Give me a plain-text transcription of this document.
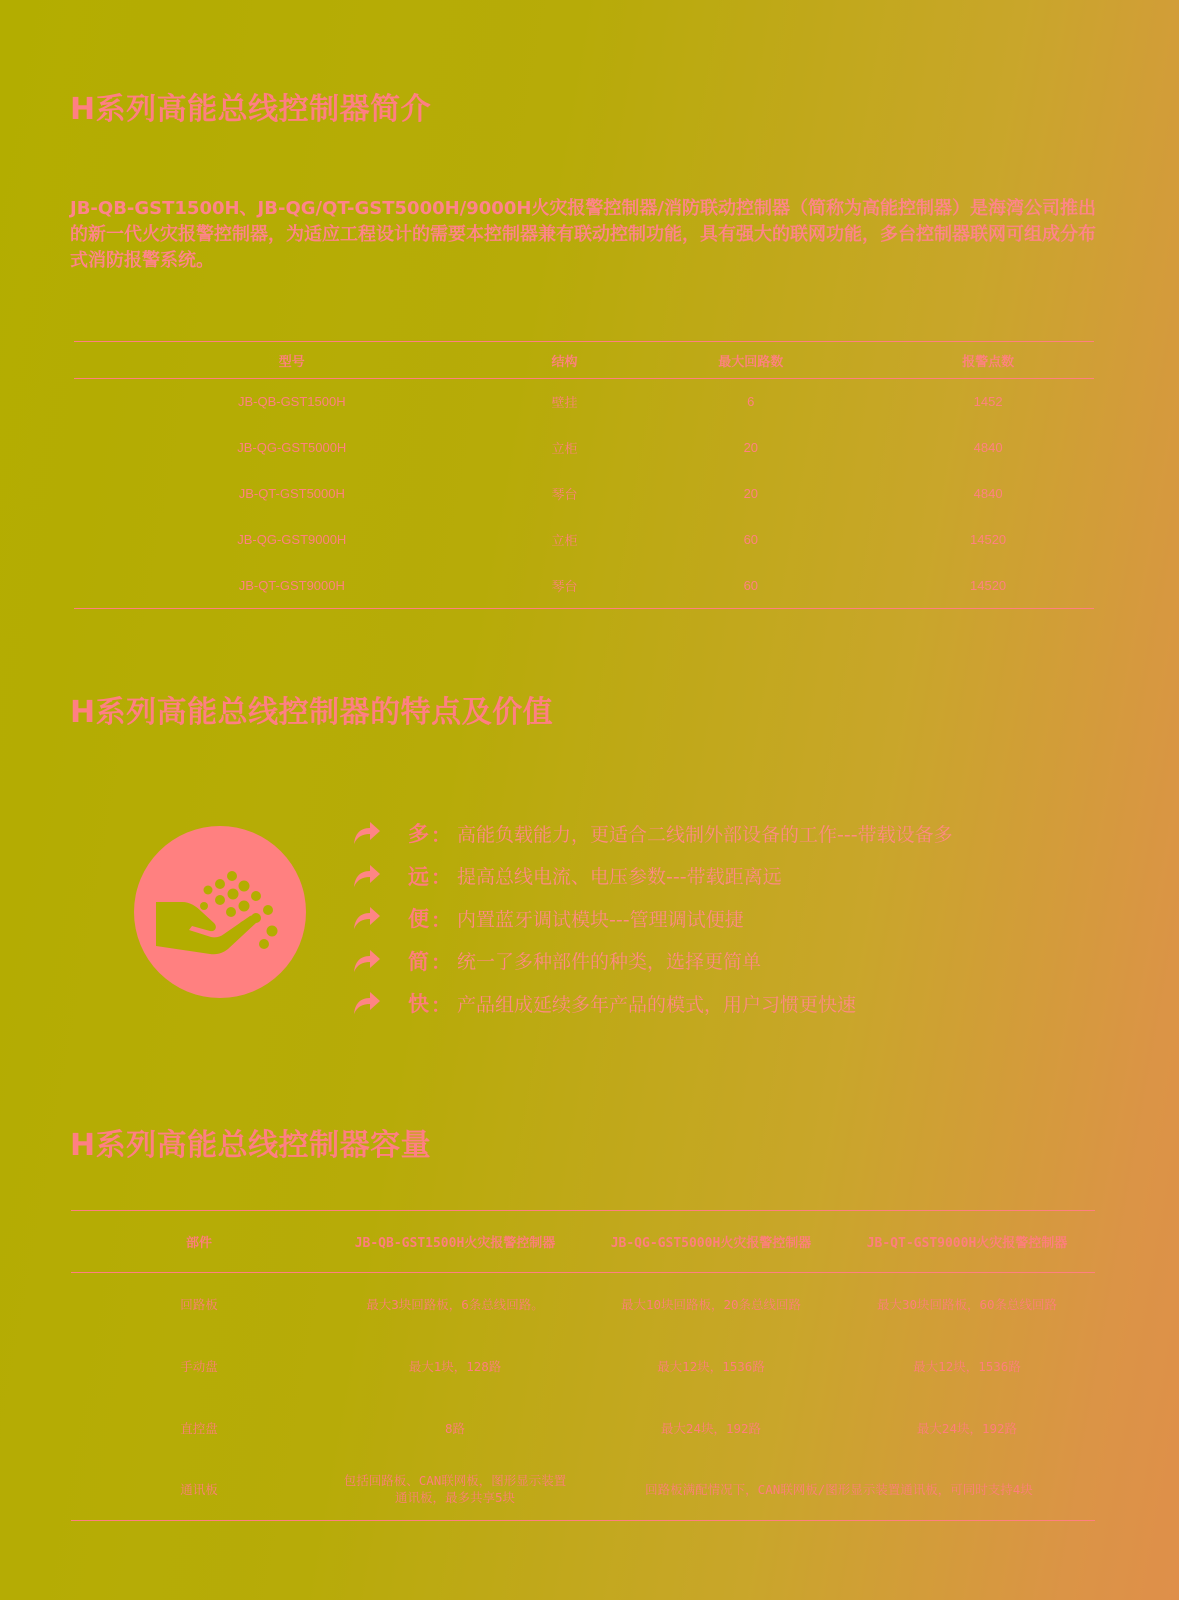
H系列高能总线控制器简介

JB-QB-GST1500H、JB-QG/QT-GST5000H/9000H火灾报警控制器/消防联动控制器（简称为高能控制器）是海湾公司推出的新一代火灾报警控制器，为适应工程设计的需要本控制器兼有联动控制功能，具有强大的联网功能，多台控制器联网可组成分布式消防报警系统。

型号	结构	最大回路数	报警点数
JB-QB-GST1500H	壁挂	6	1452
JB-QG-GST5000H	立柜	20	4840
JB-QT-GST5000H	琴台	20	4840
JB-QG-GST9000H	立柜	60	14520
JB-QT-GST9000H	琴台	60	14520
H系列高能总线控制器的特点及价值
多 ： 高能负载能力，更适合二线制外部设备的工作---带载设备多
远 ： 提高总线电流、电压参数---带载距离远
便 ： 内置蓝牙调试模块---管理调试便捷
简 ： 统一了多种部件的种类，选择更简单
快 ： 产品组成延续多年产品的模式，用户习惯更快速
H系列高能总线控制器容量
部件	JB-QB-GST1500H火灾报警控制器	JB-QG-GST5000H火灾报警控制器	JB-QT-GST9000H火灾报警控制器
回路板	最大3块回路板，6条总线回路。	最大10块回路板，20条总线回路	最大30块回路板，60条总线回路
手动盘	最大1块，128路	最大12块，1536路	最大12块，1536路
直控盘	8路	最大24块，192路	最大24块，192路
通讯板	包括回路板、CAN联网板，图形显示装置通讯板，最多共享5块	回路板满配情况下，CAN联网板/图形显示装置通讯板，可同时支持4块	
